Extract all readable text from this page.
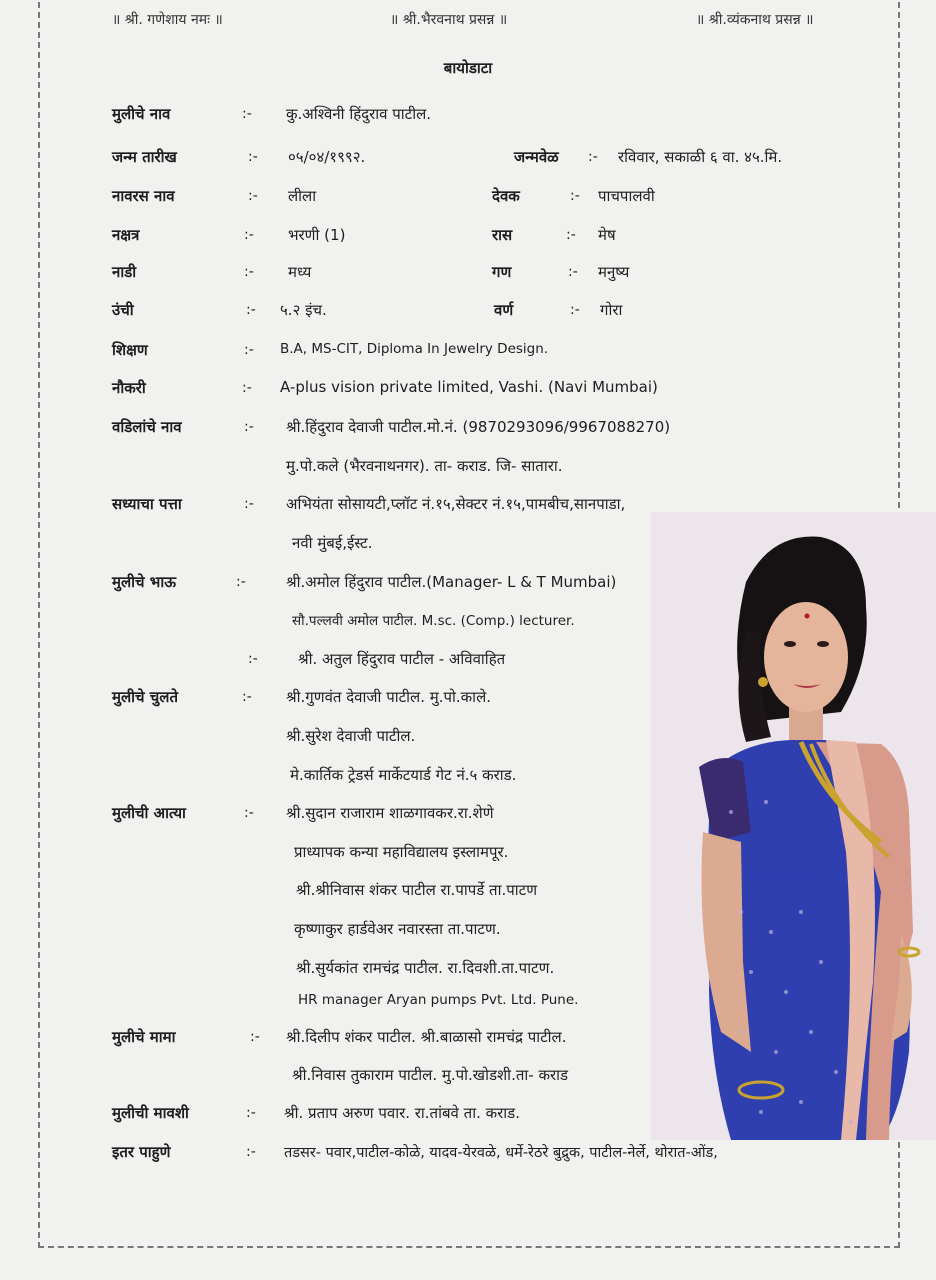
॥ श्री. गणेशाय नमः ॥	॥ श्री.भैरवनाथ प्रसन्न ॥	॥ श्री.व्यंकनाथ प्रसन्न ॥
बायोडाटा
मुलीचे नाव	:- कु.अश्विनी हिंदुराव पाटील.
जन्म तारीख	:- ०५/०४/१९९२.	जन्मवेळ :- रविवार, सकाळी ६ वा. ४५.मि.
नावरस नाव	:- लीला	देवक	:- पाचपालवी
नक्षत्र	:- भरणी (1)	रास	:- मेष
नाडी	:- मध्य	गण	:- मनुष्य
उंची	:- ५.२ इंच.	वर्ण	:- गोरा
शिक्षण	:- B.A, MS-CIT, Diploma In Jewelry Design.
नौकरी	:- A-plus vision private limited, Vashi. (Navi Mumbai)
वडिलांचे नाव	:- श्री.हिंदुराव देवाजी पाटील.मो.नं. (9870293096/9967088270)
मु.पो.कले (भैरवनाथनगर). ता- कराड. जि- सातारा.
सध्याचा पत्ता	:- अभियंता सोसायटी,प्लॉट नं.१५,सेक्टर नं.१५,पामबीच,सानपाडा,
नवी मुंबई,ईस्ट.
मुलीचे भाऊ	:-	श्री.अमोल हिंदुराव पाटील.(Manager- L & T Mumbai)
सौ.पल्लवी अमोल पाटील. M.sc. (Comp.) lecturer.
:-	श्री. अतुल हिंदुराव पाटील - अविवाहित
मुलीचे चुलते	:- श्री.गुणवंत देवाजी पाटील. मु.पो.काले.
श्री.सुरेश देवाजी पाटील.
मे.कार्तिक ट्रेडर्स मार्केटयार्ड गेट नं.५ कराड.
मुलीची आत्या	:- श्री.सुदान राजाराम शाळगावकर.रा.शेणे
प्राध्यापक कन्या महाविद्यालय इस्लामपूर.
श्री.श्रीनिवास शंकर पाटील रा.पापर्डे ता.पाटण
कृष्णाकुर हार्डवेअर नवारस्ता ता.पाटण.
श्री.सुर्यकांत रामचंद्र पाटील. रा.दिवशी.ता.पाटण.
HR manager Aryan pumps Pvt. Ltd. Pune.
मुलीचे मामा	:- श्री.दिलीप शंकर पाटील. श्री.बाळासो रामचंद्र पाटील.
श्री.निवास तुकाराम पाटील. मु.पो.खोडशी.ता- कराड
मुलीची मावशी	:- श्री. प्रताप अरुण पवार. रा.तांबवे ता. कराड.
इतर पाहुणे	:- तडसर- पवार,पाटील-कोळे, यादव-येरवळे, धर्मे-रेठरे बुद्रुक, पाटील-नेर्ले, थोरात-ओंड,
